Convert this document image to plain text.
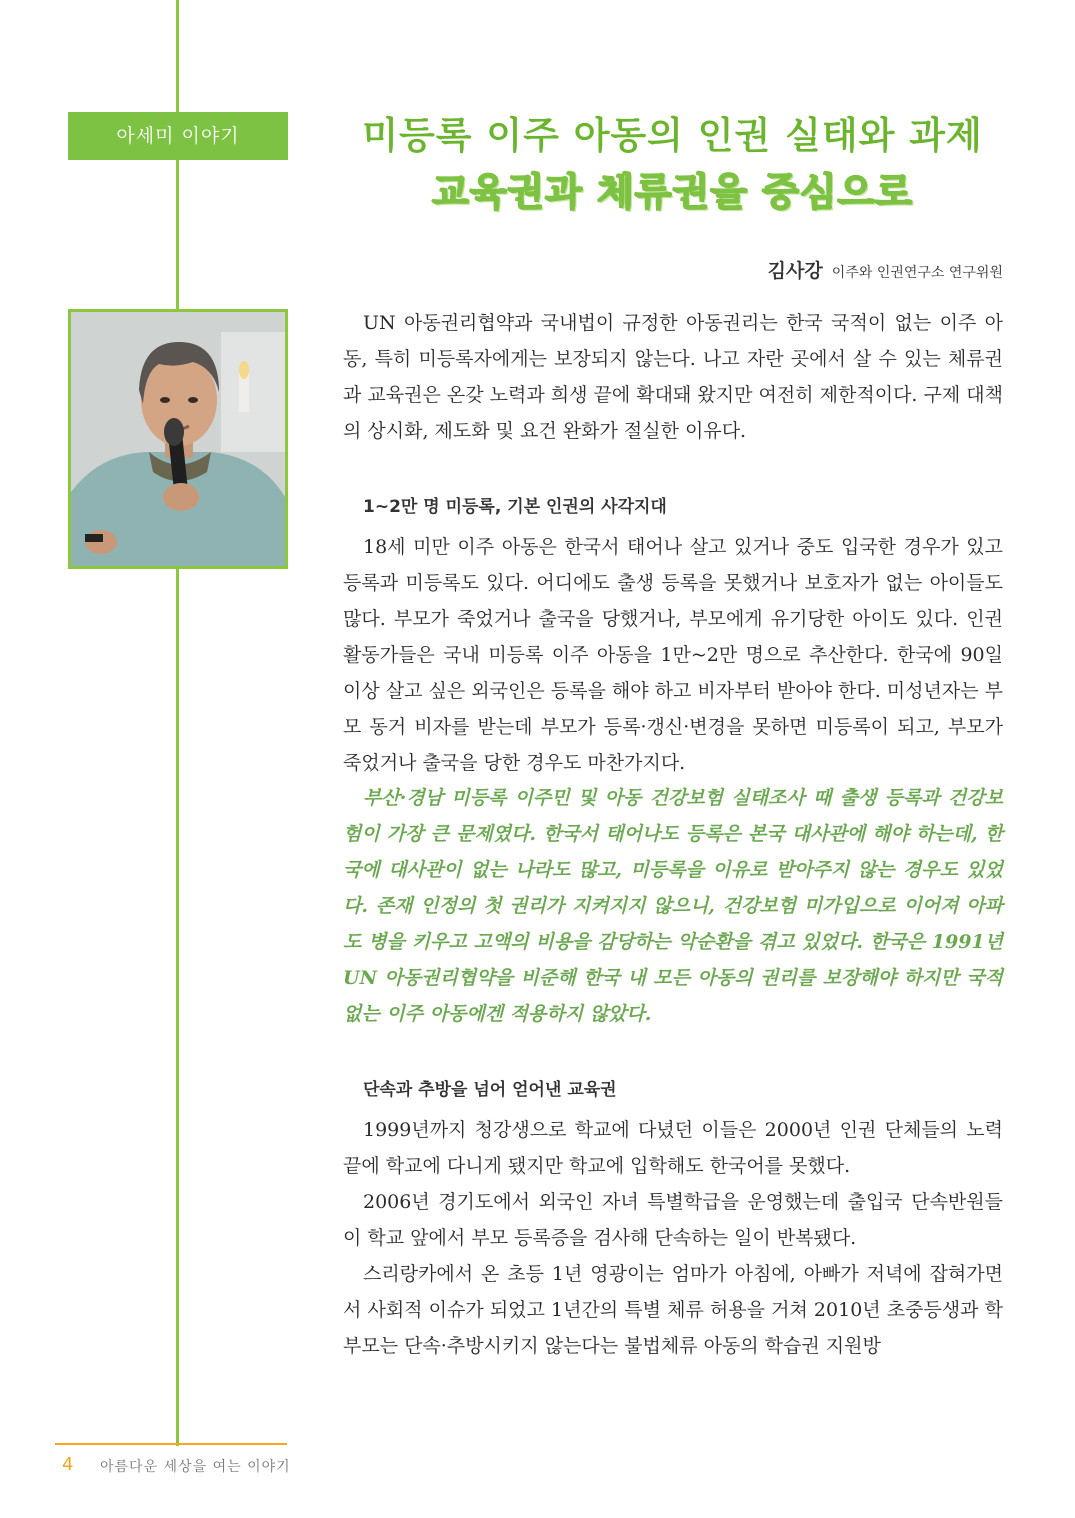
아세미 이야기	미등록 이주 아동의 인권 실태와 과제
교육권과 체류권을 중심으로
김사강 이주와 인권연구소 연구위원

UN 아동권리협약과 국내법이 규정한 아동권리는 한국 국적이 없는 이주 아동, 특히 미등록자에게는 보장되지 않는다. 나고 자란 곳에서 살 수 있는 체류권과 교육권은 온갖 노력과 희생 끝에 확대돼 왔지만 여전히 제한적이다. 구제 대책의 상시화, 제도화 및 요건 완화가 절실한 이유다.

1~2만 명 미등록, 기본 인권의 사각지대

18세 미만 이주 아동은 한국서 태어나 살고 있거나 중도 입국한 경우가 있고 등록과 미등록도 있다. 어디에도 출생 등록을 못했거나 보호자가 없는 아이들도 많다. 부모가 죽었거나 출국을 당했거나, 부모에게 유기당한 아이도 있다. 인권 활동가들은 국내 미등록 이주 아동을 1만~2만 명으로 추산한다. 한국에 90일 이상 살고 싶은 외국인은 등록을 해야 하고 비자부터 받아야 한다. 미성년자는 부모 동거 비자를 받는데 부모가 등록·갱신·변경을 못하면 미등록이 되고, 부모가 죽었거나 출국을 당한 경우도 마찬가지다.

부산·경남 미등록 이주민 및 아동 건강보험 실태조사 때 출생 등록과 건강보험이 가장 큰 문제였다. 한국서 태어나도 등록은 본국 대사관에 해야 하는데, 한국에 대사관이 없는 나라도 많고, 미등록을 이유로 받아주지 않는 경우도 있었다. 존재 인정의 첫 권리가 지켜지지 않으니, 건강보험 미가입으로 이어져 아파도 병을 키우고 고액의 비용을 감당하는 악순환을 겪고 있었다. 한국은 1991년 UN 아동권리협약을 비준해 한국 내 모든 아동의 권리를 보장해야 하지만 국적 없는 이주 아동에겐 적용하지 않았다.

단속과 추방을 넘어 얻어낸 교육권

1999년까지 청강생으로 학교에 다녔던 이들은 2000년 인권 단체들의 노력 끝에 학교에 다니게 됐지만 학교에 입학해도 한국어를 못했다.

2006년 경기도에서 외국인 자녀 특별학급을 운영했는데 출입국 단속반원들이 학교 앞에서 부모 등록증을 검사해 단속하는 일이 반복됐다.

스리랑카에서 온 초등 1년 영광이는 엄마가 아침에, 아빠가 저녁에 잡혀가면서 사회적 이슈가 되었고 1년간의 특별 체류 허용을 거쳐 2010년 초중등생과 학부모는 단속·추방시키지 않는다는 불법체류 아동의 학습권 지원방

4 아름다운 세상을 여는 이야기
